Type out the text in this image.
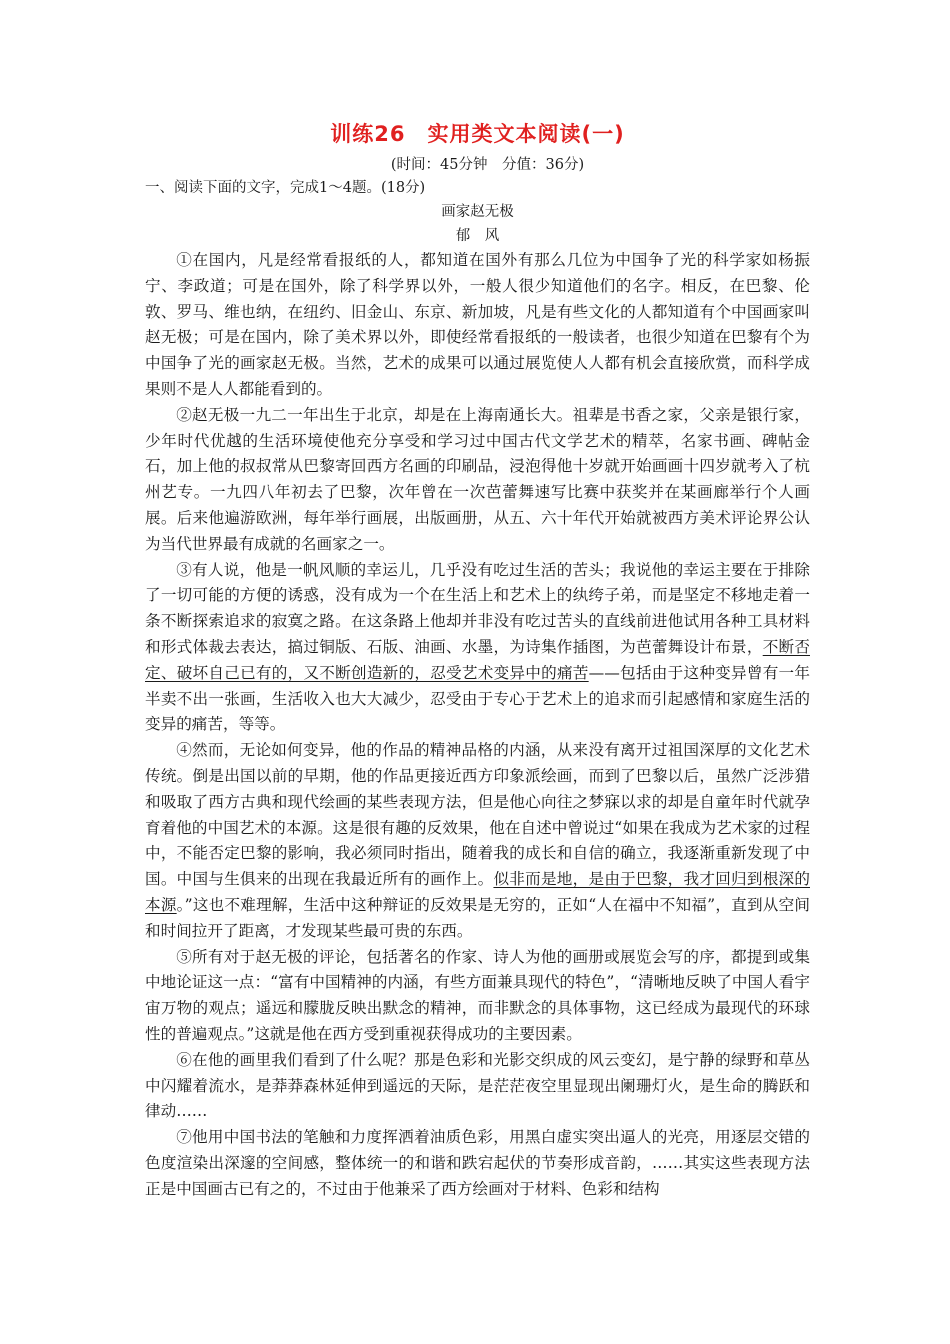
训练26　实用类文本阅读(一)
(时间：45分钟　分值：36分)
一、阅读下面的文字，完成1～4题。(18分)
画家赵无极
郁　风

①在国内，凡是经常看报纸的人，都知道在国外有那么几位为中国争了光的科学家如杨振宁、李政道；可是在国外，除了科学界以外，一般人很少知道他们的名字。相反，在巴黎、伦敦、罗马、维也纳，在纽约、旧金山、东京、新加坡，凡是有些文化的人都知道有个中国画家叫赵无极；可是在国内，除了美术界以外，即使经常看报纸的一般读者，也很少知道在巴黎有个为中国争了光的画家赵无极。当然，艺术的成果可以通过展览使人人都有机会直接欣赏，而科学成果则不是人人都能看到的。

②赵无极一九二一年出生于北京，却是在上海南通长大。祖辈是书香之家，父亲是银行家，少年时代优越的生活环境使他充分享受和学习过中国古代文学艺术的精萃，名家书画、碑帖金石，加上他的叔叔常从巴黎寄回西方名画的印刷品，浸泡得他十岁就开始画画十四岁就考入了杭州艺专。一九四八年初去了巴黎，次年曾在一次芭蕾舞速写比赛中获奖并在某画廊举行个人画展。后来他遍游欧洲，每年举行画展，出版画册，从五、六十年代开始就被西方美术评论界公认为当代世界最有成就的名画家之一。

③有人说，他是一帆风顺的幸运儿，几乎没有吃过生活的苦头；我说他的幸运主要在于排除了一切可能的方便的诱惑，没有成为一个在生活上和艺术上的纨绔子弟，而是坚定不移地走着一条不断探索追求的寂寞之路。在这条路上他却并非没有吃过苦头的直线前进他试用各种工具材料和形式体裁去表达，搞过铜版、石版、油画、水墨，为诗集作插图，为芭蕾舞设计布景，不断否定、破坏自己已有的，又不断创造新的，忍受艺术变异中的痛苦——包括由于这种变异曾有一年半卖不出一张画，生活收入也大大减少，忍受由于专心于艺术上的追求而引起感情和家庭生活的变异的痛苦，等等。

④然而，无论如何变异，他的作品的精神品格的内涵，从来没有离开过祖国深厚的文化艺术传统。倒是出国以前的早期，他的作品更接近西方印象派绘画，而到了巴黎以后，虽然广泛涉猎和吸取了西方古典和现代绘画的某些表现方法，但是他心向往之梦寐以求的却是自童年时代就孕育着他的中国艺术的本源。这是很有趣的反效果，他在自述中曾说过“如果在我成为艺术家的过程中，不能否定巴黎的影响，我必须同时指出，随着我的成长和自信的确立，我逐渐重新发现了中国。中国与生俱来的出现在我最近所有的画作上。似非而是地，是由于巴黎，我才回归到根深的本源。”这也不难理解，生活中这种辩证的反效果是无穷的，正如“人在福中不知福”，直到从空间和时间拉开了距离，才发现某些最可贵的东西。

⑤所有对于赵无极的评论，包括著名的作家、诗人为他的画册或展览会写的序，都提到或集中地论证这一点：“富有中国精神的内涵，有些方面兼具现代的特色”，“清晰地反映了中国人看宇宙万物的观点；遥远和朦胧反映出默念的精神，而非默念的具体事物，这已经成为最现代的环球性的普遍观点。”这就是他在西方受到重视获得成功的主要因素。

⑥在他的画里我们看到了什么呢？那是色彩和光影交织成的风云变幻，是宁静的绿野和草丛中闪耀着流水，是莽莽森林延伸到遥远的天际，是茫茫夜空里显现出阑珊灯火，是生命的腾跃和律动……

⑦他用中国书法的笔触和力度挥洒着油质色彩，用黑白虚实突出逼人的光亮，用逐层交错的色度渲染出深邃的空间感，整体统一的和谐和跌宕起伏的节奏形成音韵，……其实这些表现方法正是中国画古已有之的，不过由于他兼采了西方绘画对于材料、色彩和结构
